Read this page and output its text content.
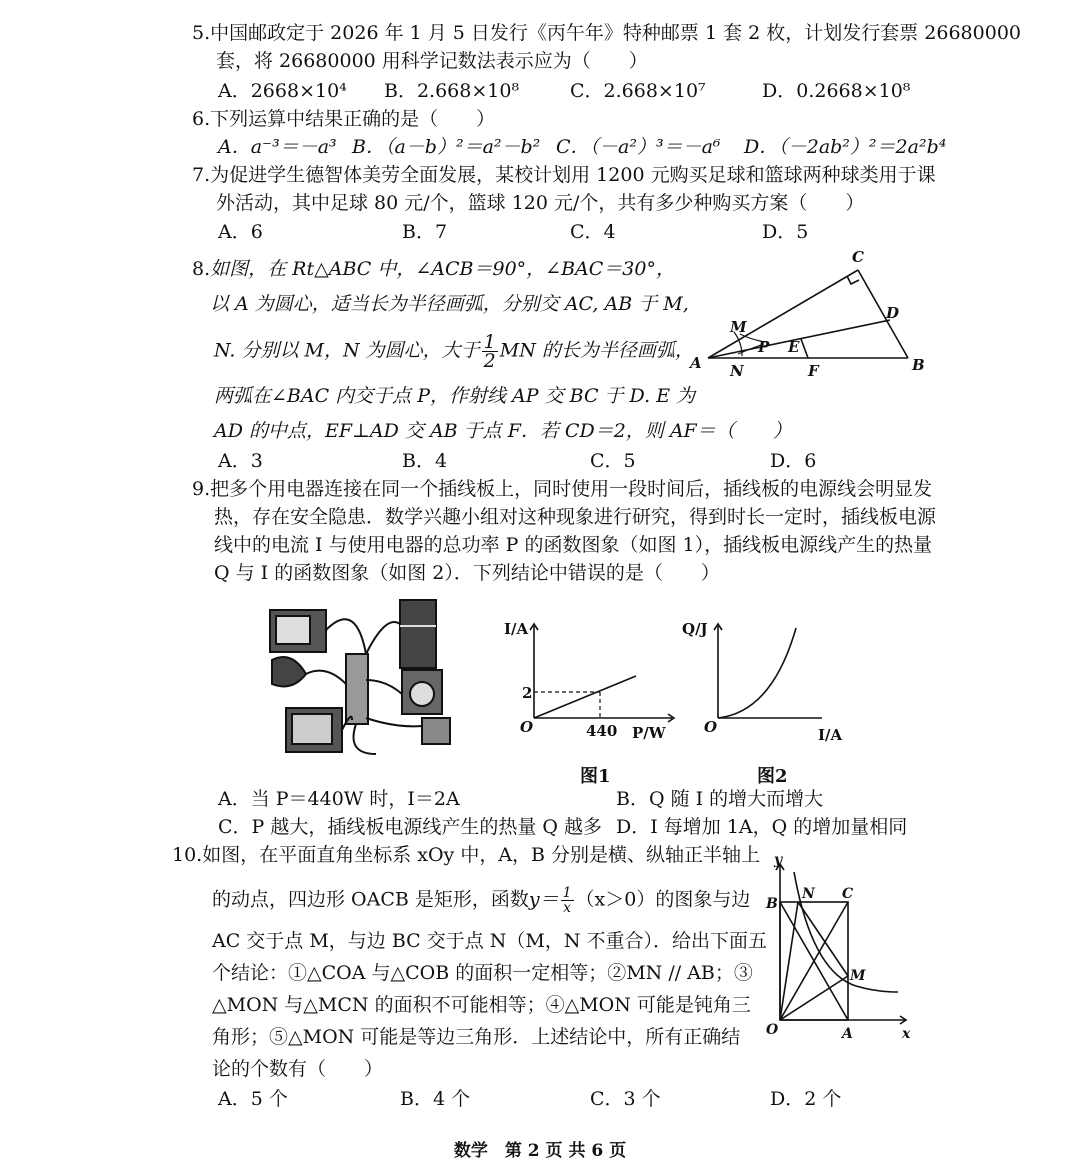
5.中国邮政定于 2026 年 1 月 5 日发行《丙午年》特种邮票 1 套 2 枚，计划发行套票 26680000
套，将 26680000 用科学记数法表示应为（　　）
A．2668×10⁴ B．2.668×10⁸	C．2.668×10⁷	D．0.2668×10⁸
6.下列运算中结果正确的是（　　）
A．a⁻³＝－a³ B．（a－b）²＝a²－b² C．（－a²）³＝－a⁶ D．（－2ab²）²＝2a²b⁴
7.为促进学生德智体美劳全面发展，某校计划用 1200 元购买足球和篮球两种球类用于课
外活动，其中足球 80 元/个，篮球 120 元/个，共有多少种购买方案（　　）
A．6	B．7	C．4	D．5
8.如图，在 Rt△ABC 中，∠ACB＝90°，∠BAC＝30°，
以 A 为圆心，适当长为半径画弧，分别交 AC, AB 于 M,
N. 分别以 M，N 为圆心，大于 $\frac{1}{2}$ MN 的长为半径画弧，
两弧在∠BAC 内交于点 P，作射线 AP 交 BC 于 D. E 为
AD 的中点，EF⊥AD 交 AB 于点 F．若 CD＝2，则 AF＝（　　）
A．3	B．4	C．5	D．6
A	B
C
D
E
F
M
N
P
9.把多个用电器连接在同一个插线板上，同时使用一段时间后，插线板的电源线会明显发
热，存在安全隐患．数学兴趣小组对这种现象进行研究，得到时长一定时，插线板电源
线中的电流 I 与使用电器的总功率 P 的函数图象（如图 1），插线板电源线产生的热量
Q 与 I 的函数图象（如图 2）．下列结论中错误的是（　　）
I/A
P/W
O
2
440
图1
Q/J
I/A
O
图2
A．当 P＝440W 时，I＝2A	B．Q 随 I 的增大而增大
C．P 越大，插线板电源线产生的热量 Q 越多 D．I 每增加 1A，Q 的增加量相同
10.如图，在平面直角坐标系 xOy 中，A，B 分别是横、纵轴正半轴上
的动点，四边形 OACB 是矩形，函数$y= \frac{1}{x} (x>0)$的图象与边
AC 交于点 M，与边 BC 交于点 N（M，N 不重合）．给出下面五
个结论：①△COA 与△COB 的面积一定相等；②MN // AB；③
△MON 与△MCN 的面积不可能相等；④△MON 可能是钝角三
角形；⑤△MON 可能是等边三角形．上述结论中，所有正确结
论的个数有（　　）
A．5 个	B．4 个	C．3 个	D．2 个
y
x
O	A
B
C
M
N
数学　第 2 页 共 6 页
